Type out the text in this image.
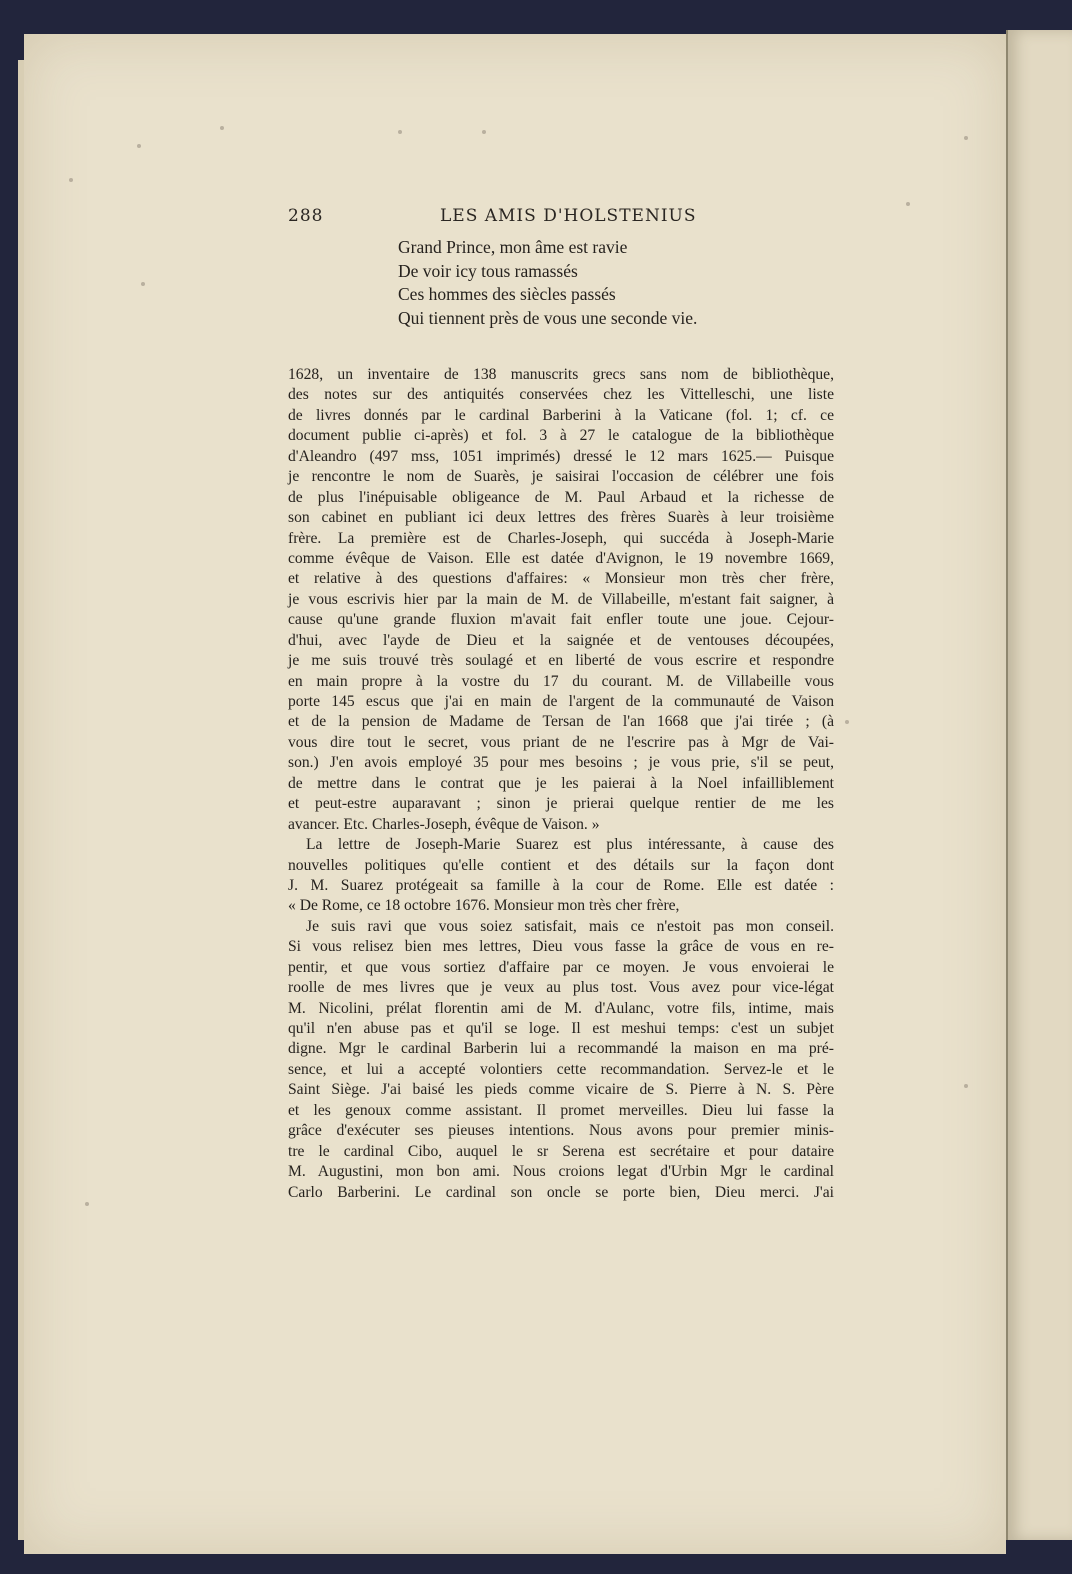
288	LES AMIS D'HOLSTENIUS
Grand Prince, mon âme est ravie
De voir icy tous ramassés
Ces hommes des siècles passés
Qui tiennent près de vous une seconde vie.
1628, un inventaire de 138 manuscrits grecs sans nom de bibliothèque,
des notes sur des antiquités conservées chez les Vittelleschi, une liste
de livres donnés par le cardinal Barberini à la Vaticane (fol. 1; cf. ce
document publie ci-après) et fol. 3 à 27 le catalogue de la bibliothèque
d'Aleandro (497 mss, 1051 imprimés) dressé le 12 mars 1625.— Puisque
je rencontre le nom de Suarès, je saisirai l'occasion de célébrer une fois
de plus l'inépuisable obligeance de M. Paul Arbaud et la richesse de
son cabinet en publiant ici deux lettres des frères Suarès à leur troisième
frère. La première est de Charles-Joseph, qui succéda à Joseph-Marie
comme évêque de Vaison. Elle est datée d'Avignon, le 19 novembre 1669,
et relative à des questions d'affaires: « Monsieur mon très cher frère,
je vous escrivis hier par la main de M. de Villabeille, m'estant fait saigner, à
cause qu'une grande fluxion m'avait fait enfler toute une joue. Cejour-
d'hui, avec l'ayde de Dieu et la saignée et de ventouses découpées,
je me suis trouvé très soulagé et en liberté de vous escrire et respondre
en main propre à la vostre du 17 du courant. M. de Villabeille vous
porte 145 escus que j'ai en main de l'argent de la communauté de Vaison
et de la pension de Madame de Tersan de l'an 1668 que j'ai tirée ; (à
vous dire tout le secret, vous priant de ne l'escrire pas à Mgr de Vai-
son.) J'en avois employé 35 pour mes besoins ; je vous prie, s'il se peut,
de mettre dans le contrat que je les paierai à la Noel infailliblement
et peut-estre auparavant ; sinon je prierai quelque rentier de me les
avancer. Etc. Charles-Joseph, évêque de Vaison. »
La lettre de Joseph-Marie Suarez est plus intéressante, à cause des
nouvelles politiques qu'elle contient et des détails sur la façon dont
J. M. Suarez protégeait sa famille à la cour de Rome. Elle est datée :
« De Rome, ce 18 octobre 1676. Monsieur mon très cher frère,
Je suis ravi que vous soiez satisfait, mais ce n'estoit pas mon conseil.
Si vous relisez bien mes lettres, Dieu vous fasse la grâce de vous en re-
pentir, et que vous sortiez d'affaire par ce moyen. Je vous envoierai le
roolle de mes livres que je veux au plus tost. Vous avez pour vice-légat
M. Nicolini, prélat florentin ami de M. d'Aulanc, votre fils, intime, mais
qu'il n'en abuse pas et qu'il se loge. Il est meshui temps: c'est un subjet
digne. Mgr le cardinal Barberin lui a recommandé la maison en ma pré-
sence, et lui a accepté volontiers cette recommandation. Servez-le et le
Saint Siège. J'ai baisé les pieds comme vicaire de S. Pierre à N. S. Père
et les genoux comme assistant. Il promet merveilles. Dieu lui fasse la
grâce d'exécuter ses pieuses intentions. Nous avons pour premier minis-
tre le cardinal Cibo, auquel le sr Serena est secrétaire et pour dataire
M. Augustini, mon bon ami. Nous croions legat d'Urbin Mgr le cardinal
Carlo Barberini. Le cardinal son oncle se porte bien, Dieu merci. J'ai
